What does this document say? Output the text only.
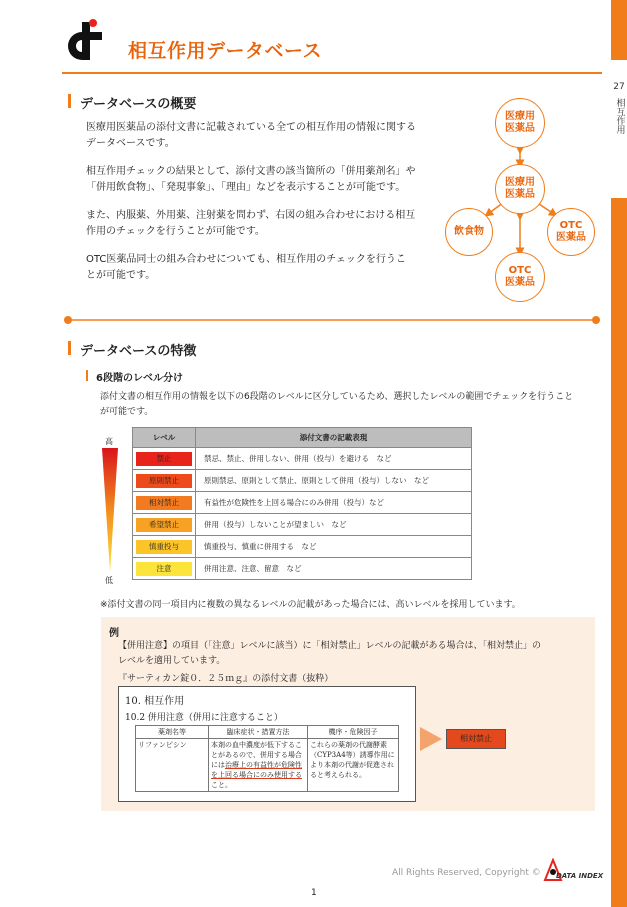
27
相互作用
相互作用データベース
データベースの概要
医療用医薬品の添付文書に記載されている全ての相互作用の情報に関する
データベースです。
相互作用チェックの結果として、添付文書の該当箇所の「併用薬剤名」や
「併用飲食物」、「発現事象」、「理由」などを表示することが可能です。
また、内服薬、外用薬、注射薬を問わず、右図の組み合わせにおける相互
作用のチェックを行うことが可能です。
OTC医薬品同士の組み合わせについても、相互作用のチェックを行うこ
とが可能です。
医療用
医薬品
医療用
医薬品
飲食物
OTC
医薬品
OTC
医薬品
データベースの特徴
6段階のレベル分け
添付文書の相互作用の情報を以下の6段階のレベルに区分しているため、選択したレベルの範囲でチェックを行うこと
が可能です。
高
低
レベル	添付文書の記載表現

禁止	禁忌、禁止、併用しない、併用（投与）を避ける　など

原則禁止	原則禁忌、原則として禁止、原則として併用（投与）しない　など

相対禁止	有益性が危険性を上回る場合にのみ併用（投与）など

希望禁止	併用（投与）しないことが望ましい　など

慎重投与	慎重投与、慎重に併用する　など

注意	併用注意、注意、留意　など
※添付文書の同一項目内に複数の異なるレベルの記載があった場合には、高いレベルを採用しています。
例
【併用注意】の項目（「注意」レベルに該当）に「相対禁止」レベルの記載がある場合は、「相対禁止」の
レベルを適用しています。
『サーティカン錠０．２５ｍｇ』の添付文書（抜粋）
10. 相互作用
10.2 併用注意（併用に注意すること）
薬剤名等	臨床症状・措置方法	機序・危険因子
リファンピシン	本剤の血中濃度が低下することがあるので、併用する場合には治療上の有益性が危険性を上回る場合にのみ使用すること。	これらの薬剤の代謝酵素（CYP3A4等）誘導作用により本剤の代謝が促進されると考えられる。
相対禁止
All Rights Reserved, Copyright © DATA INDEX
1
